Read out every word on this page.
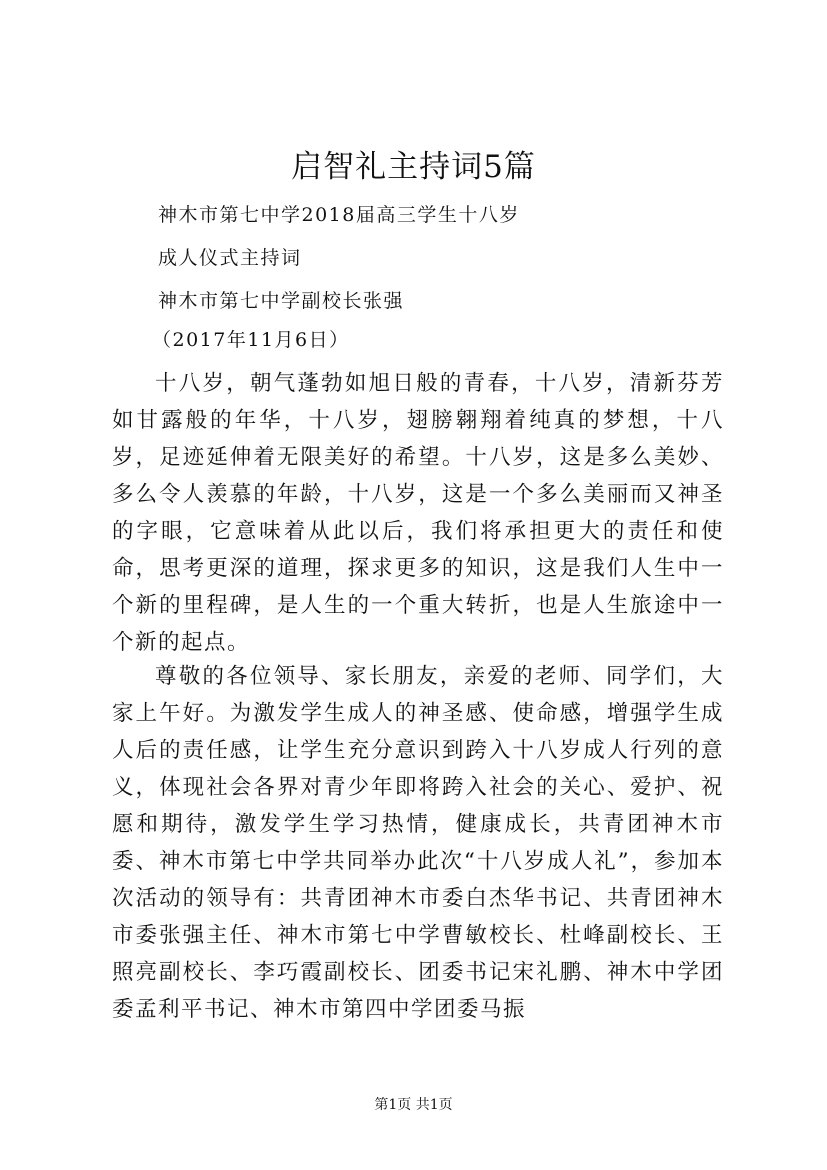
启智礼主持词5篇
神木市第七中学2018届高三学生十八岁
成人仪式主持词
神木市第七中学副校长张强
（2017年11月6日）

十八岁，朝气蓬勃如旭日般的青春，十八岁，清新芬芳如甘露般的年华，十八岁，翅膀翱翔着纯真的梦想，十八岁，足迹延伸着无限美好的希望。十八岁，这是多么美妙、多么令人羡慕的年龄，十八岁，这是一个多么美丽而又神圣的字眼，它意味着从此以后，我们将承担更大的责任和使命，思考更深的道理，探求更多的知识，这是我们人生中一个新的里程碑，是人生的一个重大转折，也是人生旅途中一个新的起点。

尊敬的各位领导、家长朋友，亲爱的老师、同学们，大家上午好。为激发学生成人的神圣感、使命感，增强学生成人后的责任感，让学生充分意识到跨入十八岁成人行列的意义，体现社会各界对青少年即将跨入社会的关心、爱护、祝愿和期待，激发学生学习热情，健康成长，共青团神木市委、神木市第七中学共同举办此次“十八岁成人礼”，参加本次活动的领导有：共青团神木市委白杰华书记、共青团神木市委张强主任、神木市第七中学曹敏校长、杜峰副校长、王照亮副校长、李巧霞副校长、团委书记宋礼鹏、神木中学团委孟利平书记、神木市第四中学团委马振

第1页 共1页
